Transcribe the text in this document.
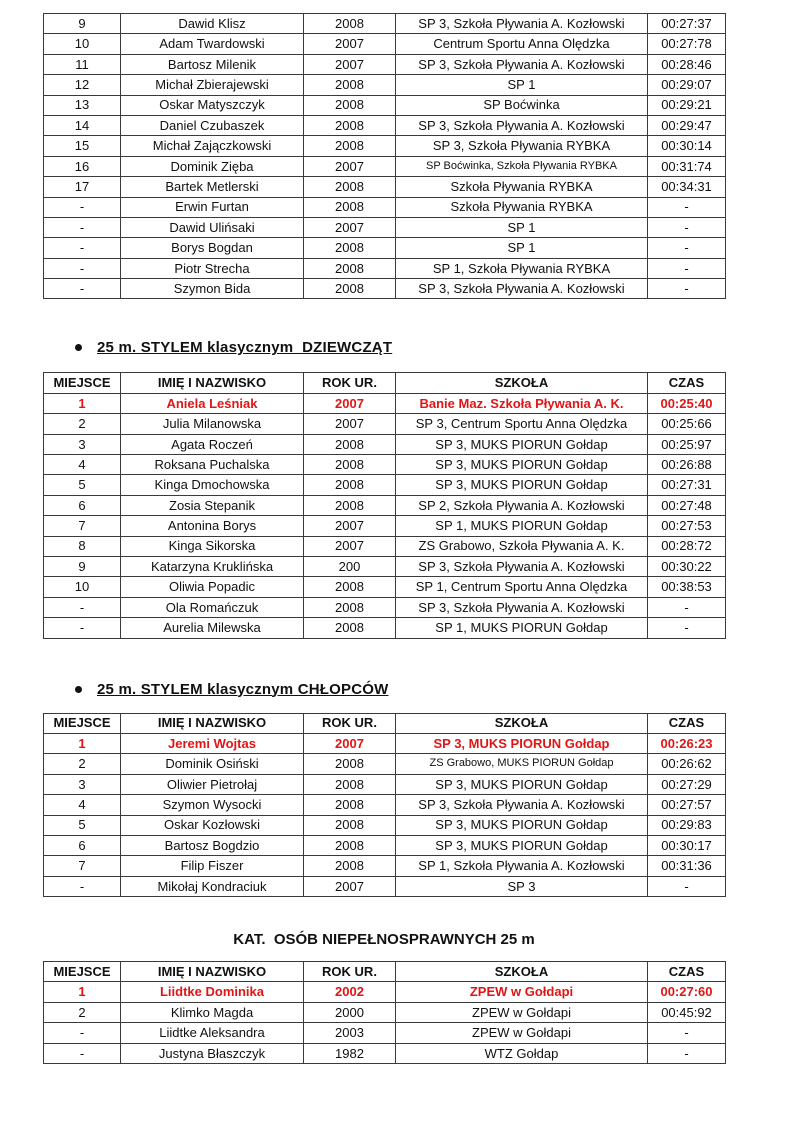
9	Dawid Klisz	2008	SP 3, Szkoła Pływania A. Kozłowski	00:27:37
10	Adam Twardowski	2007	Centrum Sportu Anna Olędzka	00:27:78
11	Bartosz Milenik	2007	SP 3, Szkoła Pływania A. Kozłowski	00:28:46
12	Michał Zbierajewski	2008	SP 1	00:29:07
13	Oskar Matyszczyk	2008	SP Boćwinka	00:29:21
14	Daniel Czubaszek	2008	SP 3, Szkoła Pływania A. Kozłowski	00:29:47
15	Michał Zajączkowski	2008	SP 3, Szkoła Pływania RYBKA	00:30:14
16	Dominik Zięba	2007	SP Boćwinka, Szkoła Pływania RYBKA	00:31:74
17	Bartek Metlerski	2008	Szkoła Pływania RYBKA	00:34:31
-	Erwin Furtan	2008	Szkoła Pływania RYBKA	-
-	Dawid Ulińsaki	2007	SP 1	-
-	Borys Bogdan	2008	SP 1	-
-	Piotr Strecha	2008	SP 1, Szkoła Pływania RYBKA	-
-	Szymon Bida	2008	SP 3, Szkoła Pływania A. Kozłowski	-
25 m. STYLEM klasycznym  DZIEWCZĄT
MIEJSCE	IMIĘ I NAZWISKO	ROK UR.	SZKOŁA	CZAS
1	Aniela Leśniak	2007	Banie Maz. Szkoła Pływania A. K.	00:25:40
2	Julia Milanowska	2007	SP 3, Centrum Sportu Anna Olędzka	00:25:66
3	Agata Roczeń	2008	SP 3, MUKS PIORUN Gołdap	00:25:97
4	Roksana Puchalska	2008	SP 3, MUKS PIORUN Gołdap	00:26:88
5	Kinga Dmochowska	2008	SP 3, MUKS PIORUN Gołdap	00:27:31
6	Zosia Stepanik	2008	SP 2, Szkoła Pływania A. Kozłowski	00:27:48
7	Antonina Borys	2007	SP 1, MUKS PIORUN Gołdap	00:27:53
8	Kinga Sikorska	2007	ZS Grabowo, Szkoła Pływania A. K.	00:28:72
9	Katarzyna Kruklińska	200	SP 3, Szkoła Pływania A. Kozłowski	00:30:22
10	Oliwia Popadic	2008	SP 1, Centrum Sportu Anna Olędzka	00:38:53
-	Ola Romańczuk	2008	SP 3, Szkoła Pływania A. Kozłowski	-
-	Aurelia Milewska	2008	SP 1, MUKS PIORUN Gołdap	-
25 m. STYLEM klasycznym CHŁOPCÓW
MIEJSCE	IMIĘ I NAZWISKO	ROK UR.	SZKOŁA	CZAS
1	Jeremi Wojtas	2007	SP 3, MUKS PIORUN Gołdap	00:26:23
2	Dominik Osiński	2008	ZS Grabowo, MUKS PIORUN Gołdap	00:26:62
3	Oliwier Pietrołaj	2008	SP 3, MUKS PIORUN Gołdap	00:27:29
4	Szymon Wysocki	2008	SP 3, Szkoła Pływania A. Kozłowski	00:27:57
5	Oskar Kozłowski	2008	SP 3, MUKS PIORUN Gołdap	00:29:83
6	Bartosz Bogdzio	2008	SP 3, MUKS PIORUN Gołdap	00:30:17
7	Filip Fiszer	2008	SP 1, Szkoła Pływania A. Kozłowski	00:31:36
-	Mikołaj Kondraciuk	2007	SP 3	-
KAT.  OSÓB NIEPEŁNOSPRAWNYCH 25 m
MIEJSCE	IMIĘ I NAZWISKO	ROK UR.	SZKOŁA	CZAS
1	Liidtke Dominika	2002	ZPEW w Gołdapi	00:27:60
2	Klimko Magda	2000	ZPEW w Gołdapi	00:45:92
-	Liidtke Aleksandra	2003	ZPEW w Gołdapi	-
-	Justyna Błaszczyk	1982	WTZ Gołdap	-
